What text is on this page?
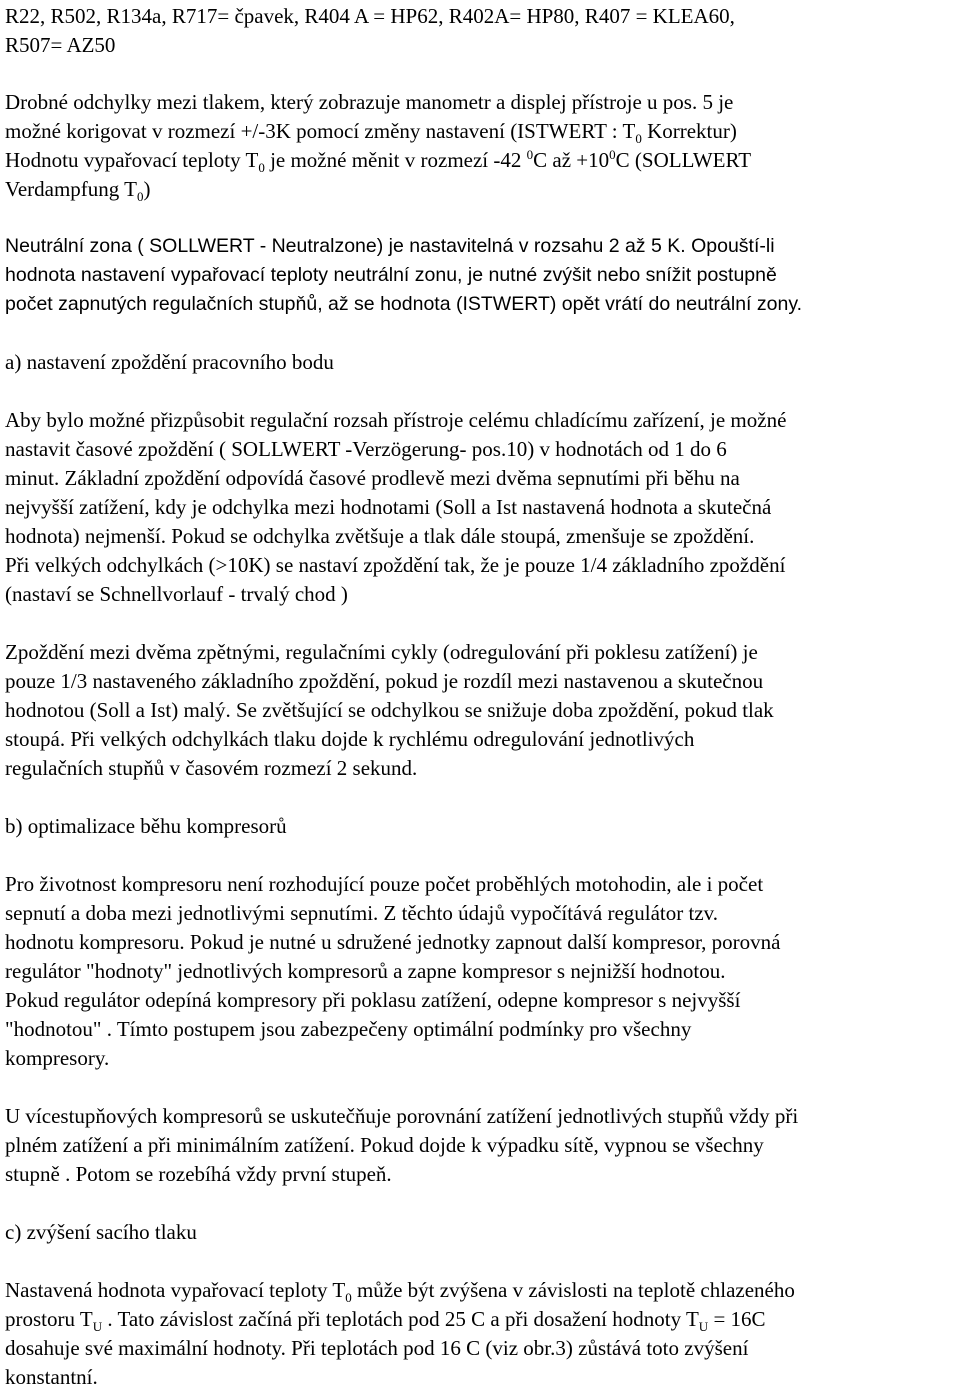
R22, R502, R134a, R717= čpavek, R404 A = HP62, R402A= HP80, R407 = KLEA60,
R507= AZ50
Drobné odchylky mezi tlakem, který zobrazuje manometr a displej přístroje u pos. 5 je
možné korigovat v rozmezí +/-3K pomocí změny nastavení (ISTWERT : $T_0$ Korrektur)
Hodnotu vypařovací teploty $T_0$ je možné měnit v rozmezí -42 $^0$C až $+10^0C$ (SOLLWERT
Verdampfung $T_0$)
Neutrální zona ( SOLLWERT - Neutralzone) je nastavitelná v rozsahu 2 až 5 K. Opouští-li
hodnota nastavení vypařovací teploty neutrální zonu, je nutné zvýšit nebo snížit postupně
počet zapnutých regulačních stupňů, až se hodnota (ISTWERT) opět vrátí do neutrální zony.
a) nastavení zpoždění pracovního bodu
Aby bylo možné přizpůsobit regulační rozsah přístroje celému chladícímu zařízení, je možné
nastavit časové zpoždění ( SOLLWERT -Verzögerung- pos.10) v hodnotách od 1 do 6
minut. Základní zpoždění odpovídá časové prodlevě mezi dvěma sepnutími při běhu na
nejvyšší zatížení, kdy je odchylka mezi hodnotami (Soll a Ist nastavená hodnota a skutečná
hodnota) nejmenší. Pokud se odchylka zvětšuje a tlak dále stoupá, zmenšuje se zpoždění.
Při velkých odchylkách (>10K) se nastaví zpoždění tak, že je pouze 1/4 základního zpoždění
(nastaví se Schnellvorlauf - trvalý chod )
Zpoždění mezi dvěma zpětnými, regulačními cykly (odregulování při poklesu zatížení) je
pouze 1/3 nastaveného základního zpoždění, pokud je rozdíl mezi nastavenou a skutečnou
hodnotou (Soll a Ist) malý. Se zvětšující se odchylkou se snižuje doba zpoždění, pokud tlak
stoupá. Při velkých odchylkách tlaku dojde k rychlému odregulování jednotlivých
regulačních stupňů v časovém rozmezí 2 sekund.
b) optimalizace běhu kompresorů
Pro životnost kompresoru není rozhodující pouze počet proběhlých motohodin, ale i počet
sepnutí a doba mezi jednotlivými sepnutími. Z těchto údajů vypočítává regulátor tzv.
hodnotu kompresoru. Pokud je nutné u sdružené jednotky zapnout další kompresor, porovná
regulátor "hodnoty" jednotlivých kompresorů a zapne kompresor s nejnižší hodnotou.
Pokud regulátor odepíná kompresory při poklasu zatížení, odepne kompresor s nejvyšší
"hodnotou" . Tímto postupem jsou zabezpečeny optimální podmínky pro všechny
kompresory.
U vícestupňových kompresorů se uskutečňuje porovnání zatížení jednotlivých stupňů vždy při
plném zatížení a při minimálním zatížení. Pokud dojde k výpadku sítě, vypnou se všechny
stupně . Potom se rozebíhá vždy první stupeň.
c) zvýšení sacího tlaku
Nastavená hodnota vypařovací teploty $T_0$ může být zvýšena v závislosti na teplotě chlazeného
prostoru $T_U$ . Tato závislost začíná při teplotách pod 25 C a při dosažení hodnoty $T_U = 16C$
dosahuje své maximální hodnoty. Při teplotách pod 16 C (viz obr.3) zůstává toto zvýšení
konstantní.
